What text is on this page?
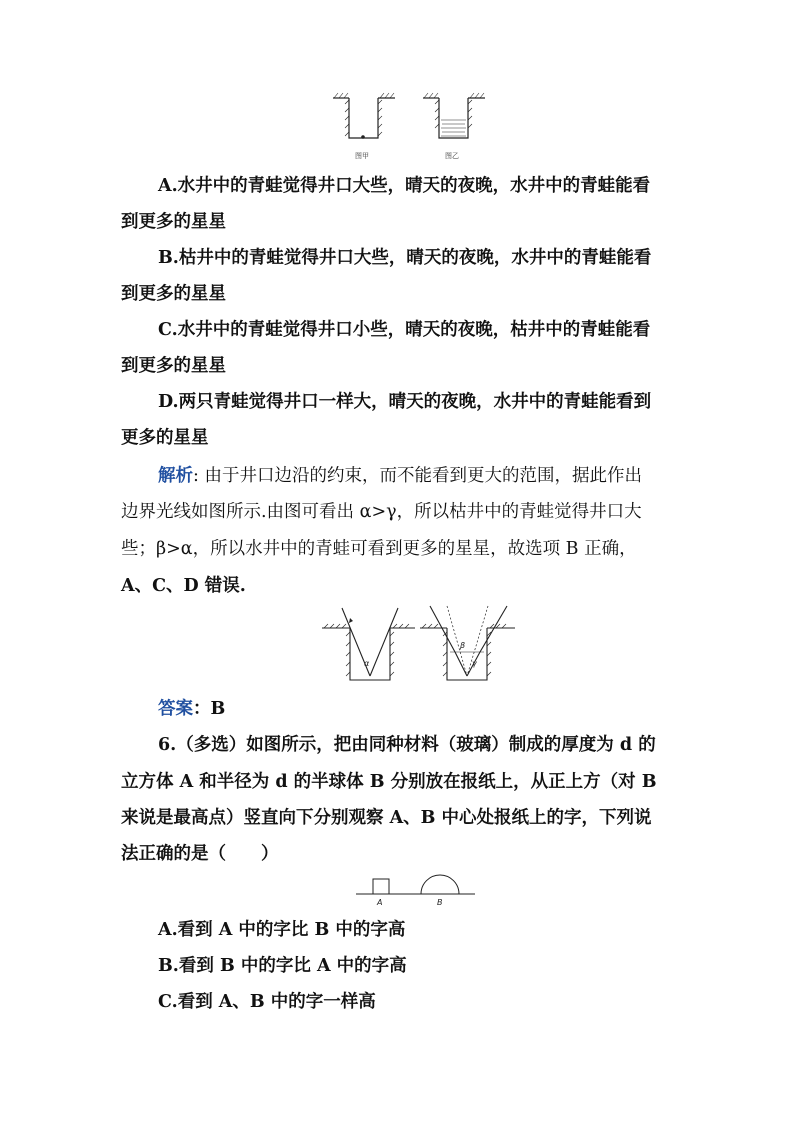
图甲	图乙
A.水井中的青蛙觉得井口大些，晴天的夜晚，水井中的青蛙能看
到更多的星星
B.枯井中的青蛙觉得井口大些，晴天的夜晚，水井中的青蛙能看
到更多的星星
C.水井中的青蛙觉得井口小些，晴天的夜晚，枯井中的青蛙能看
到更多的星星
D.两只青蛙觉得井口一样大，晴天的夜晚，水井中的青蛙能看到
更多的星星
解析: 由于井口边沿的约束，而不能看到更大的范围，据此作出
边界光线如图所示.由图可看出 α>γ，所以枯井中的青蛙觉得井口大
些；β>α，所以水井中的青蛙可看到更多的星星，故选项 B 正确，
A、C、D 错误.
α
β
γ
答案：B
6.（多选）如图所示，把由同种材料（玻璃）制成的厚度为 d 的
立方体 A 和半径为 d 的半球体 B 分别放在报纸上，从正上方（对 B
来说是最高点）竖直向下分别观察 A、B 中心处报纸上的字，下列说
法正确的是（　　）
A	B
A.看到 A 中的字比 B 中的字高
B.看到 B 中的字比 A 中的字高
C.看到 A、B 中的字一样高
